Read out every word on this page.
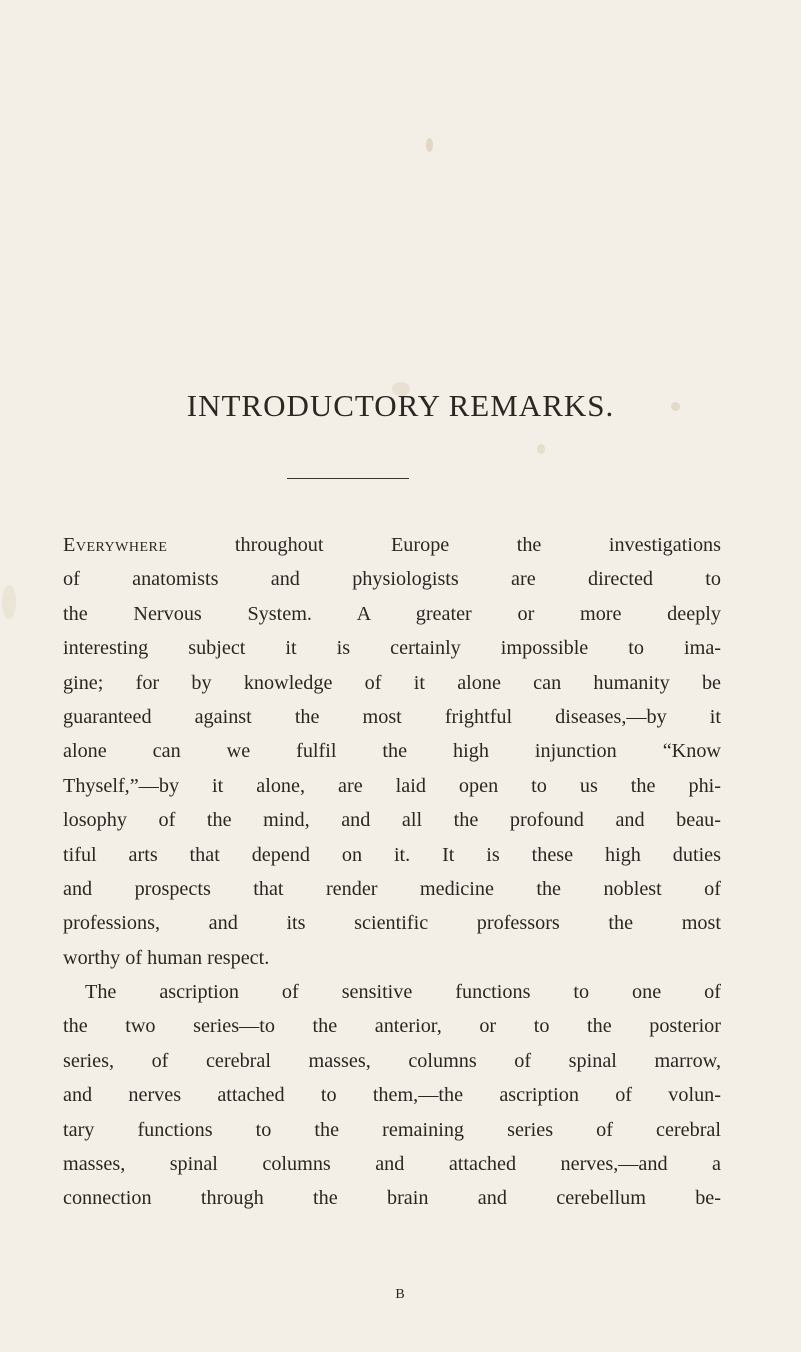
INTRODUCTORY REMARKS.
Everywhere throughout Europe the investigations
of anatomists and physiologists are directed to
the Nervous System. A greater or more deeply
interesting subject it is certainly impossible to ima-
gine; for by knowledge of it alone can humanity be
guaranteed against the most frightful diseases,—by it
alone can we fulfil the high injunction “Know
Thyself,”—by it alone, are laid open to us the phi-
losophy of the mind, and all the profound and beau-
tiful arts that depend on it. It is these high duties
and prospects that render medicine the noblest of
professions, and its scientific professors the most
worthy of human respect.
The ascription of sensitive functions to one of
the two series—to the anterior, or to the posterior
series, of cerebral masses, columns of spinal marrow,
and nerves attached to them,—the ascription of volun-
tary functions to the remaining series of cerebral
masses, spinal columns and attached nerves,—and a
connection through the brain and cerebellum be-
B
